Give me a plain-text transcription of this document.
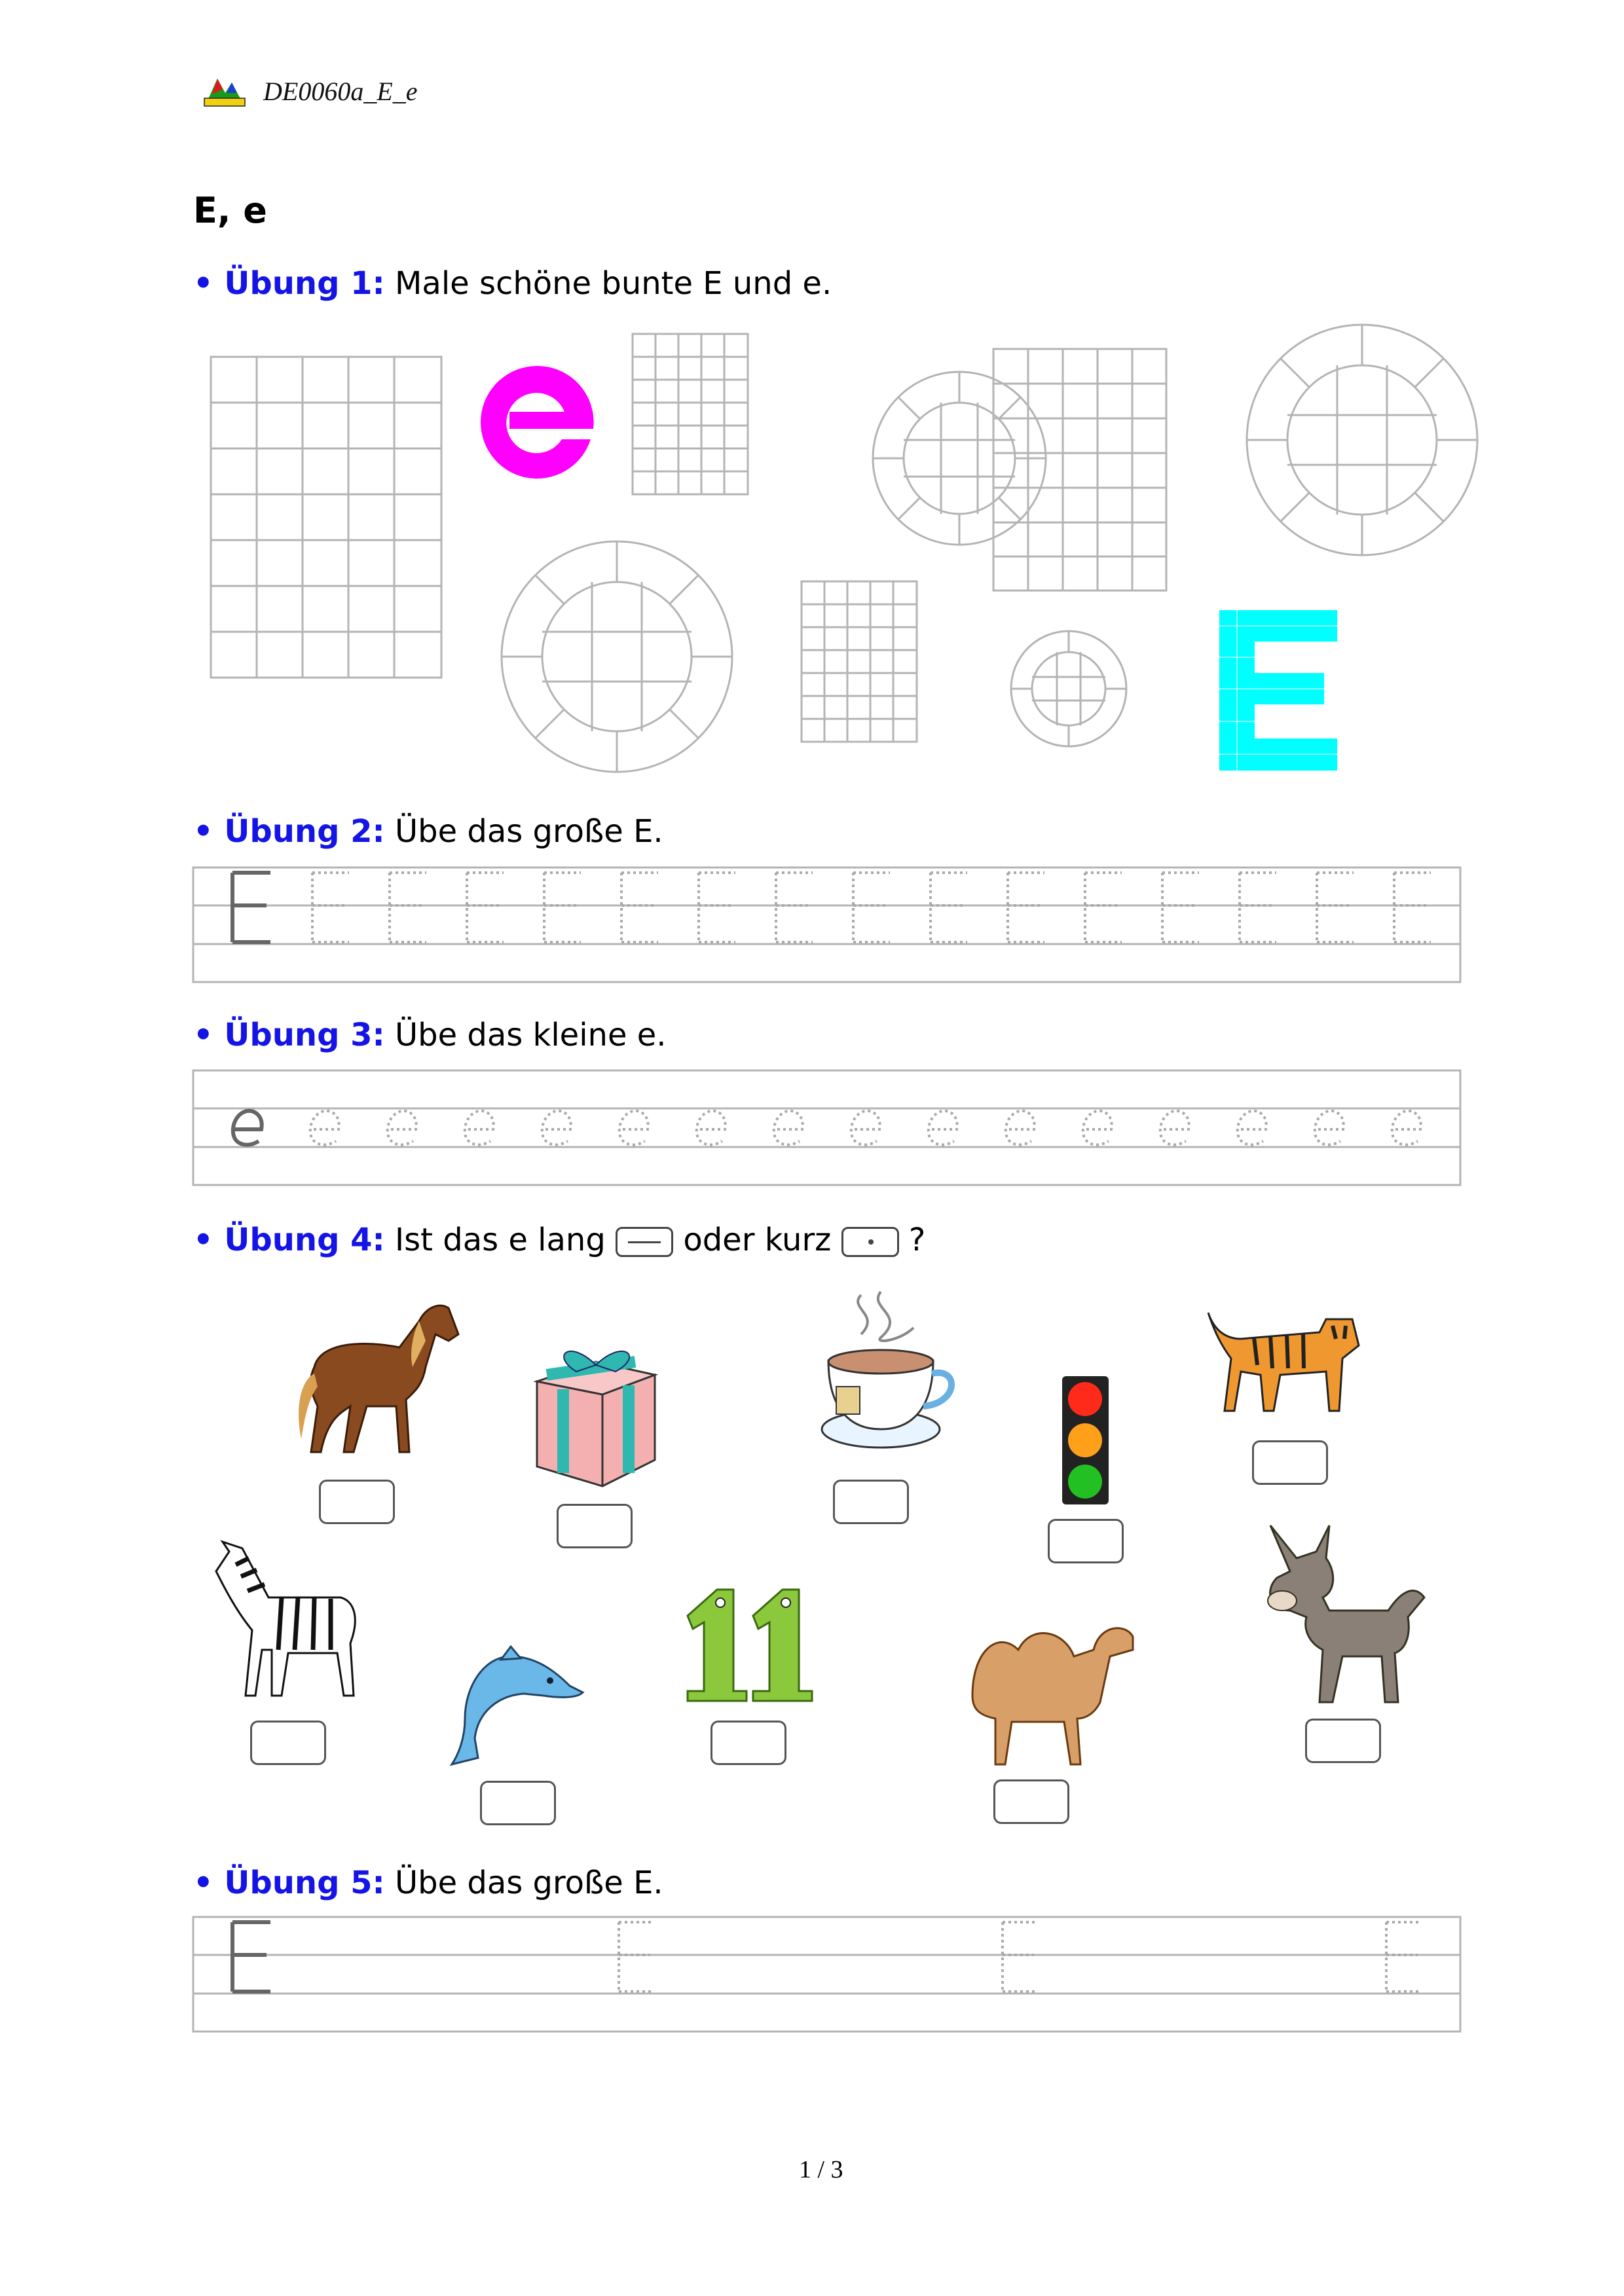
DE0060a_E_e
E, e
• Übung 1: Male schöne bunte E und e.
• Übung 2: Übe das große E.
• Übung 3: Übe das kleine e.
• Übung 4: Ist das e lang
oder kurz
?
• Übung 5: Übe das große E.
1 / 3
